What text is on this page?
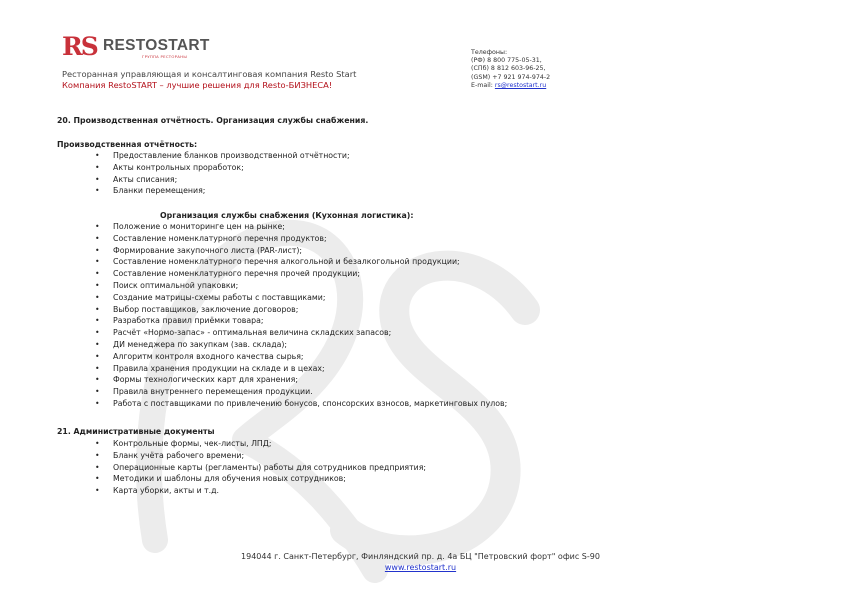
RS RESTOSTART
ГРУППА РЕСТОРАНЫ
Ресторанная управляющая и консалтинговая компания Resto Start
Компания RestoSTART – лучшие решения для Resto-БИЗНЕСА!
Телефоны:
(РФ) 8 800 775-05-31,
(СПб) 8 812 603-96-25,
(GSM) +7 921 974-974-2
E-mail: rs@restostart.ru
20. Производственная отчётность. Организация службы снабжения.
Производственная отчётность:
• Предоставление бланков производственной отчётности;
• Акты контрольных проработок;
• Акты списания;
• Бланки перемещения;
Организация службы снабжения (Кухонная логистика):
• Положение о мониторинге цен на рынке;
• Составление номенклатурного перечня продуктов;
• Формирование закупочного листа (PAR-лист);
• Составление номенклатурного перечня алкогольной и безалкогольной продукции;
• Составление номенклатурного перечня прочей продукции;
• Поиск оптимальной упаковки;
• Создание матрицы-схемы работы с поставщиками;
• Выбор поставщиков, заключение договоров;
• Разработка правил приёмки товара;
• Расчёт «Нормо-запас» - оптимальная величина складских запасов;
• ДИ менеджера по закупкам (зав. склада);
• Алгоритм контроля входного качества сырья;
• Правила хранения продукции на складе и в цехах;
• Формы технологических карт для хранения;
• Правила внутреннего перемещения продукции.
• Работа с поставщиками по привлечению бонусов, спонсорских взносов, маркетинговых пулов;
21. Административные документы
• Контрольные формы, чек-листы, ЛПД;
• Бланк учёта рабочего времени;
• Операционные карты (регламенты) работы для сотрудников предприятия;
• Методики и шаблоны для обучения новых сотрудников;
• Карта уборки, акты и т.д.
194044 г. Санкт-Петербург, Финляндский пр. д. 4а БЦ "Петровский форт" офис S-90
www.restostart.ru
